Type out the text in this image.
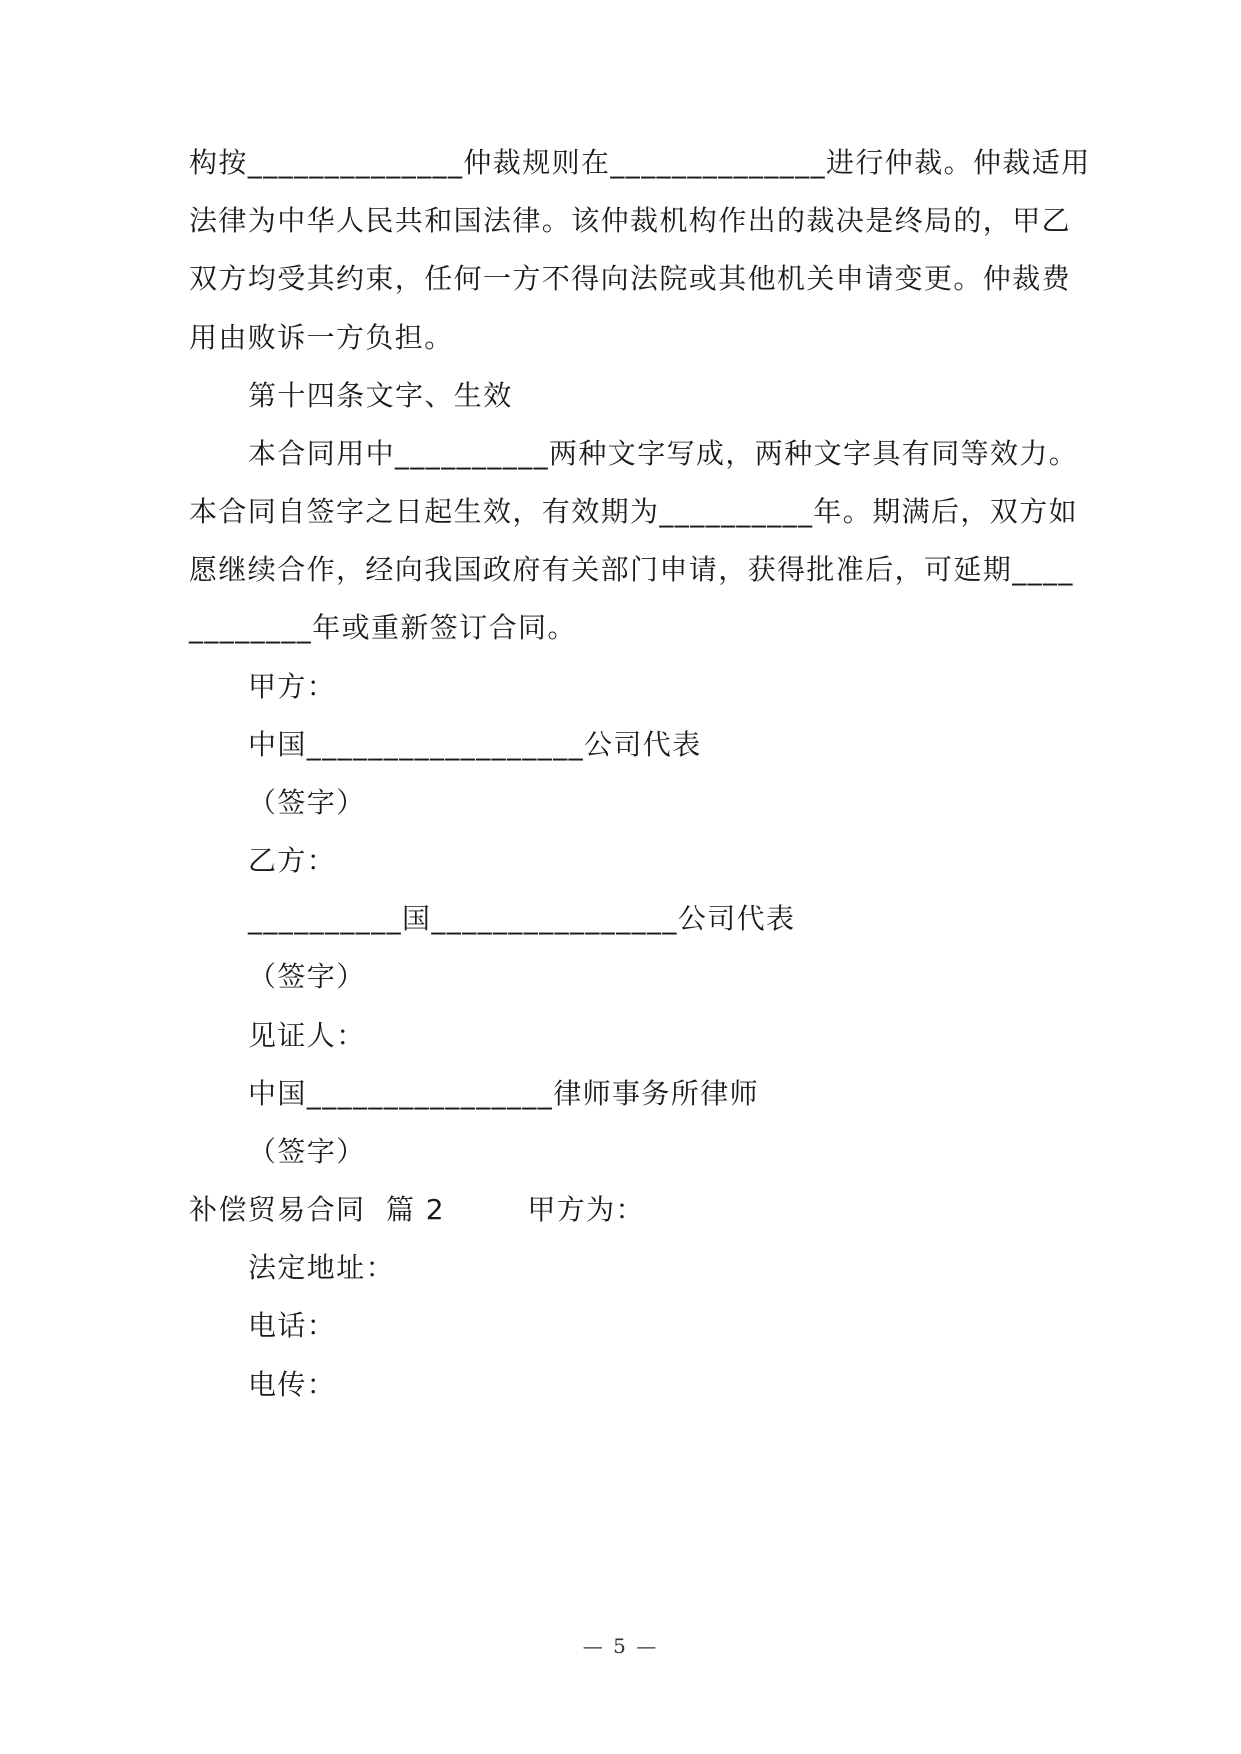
构按______________仲裁规则在______________进行仲裁。仲裁适用
法律为中华人民共和国法律。该仲裁机构作出的裁决是终局的，甲乙
双方均受其约束，任何一方不得向法院或其他机关申请变更。仲裁费
用由败诉一方负担。
第十四条文字、生效
本合同用中__________两种文字写成，两种文字具有同等效力。
本合同自签字之日起生效，有效期为__________年。期满后，双方如
愿继续合作，经向我国政府有关部门申请，获得批准后，可延期____
________年或重新签订合同。
甲方：
中国__________________公司代表
（签字）
乙方：
__________国________________公司代表
（签字）
见证人：
中国________________律师事务所律师
（签字）
补偿贸易合同  篇 2        甲方为：
法定地址：
电话：
电传：
— 5 —
